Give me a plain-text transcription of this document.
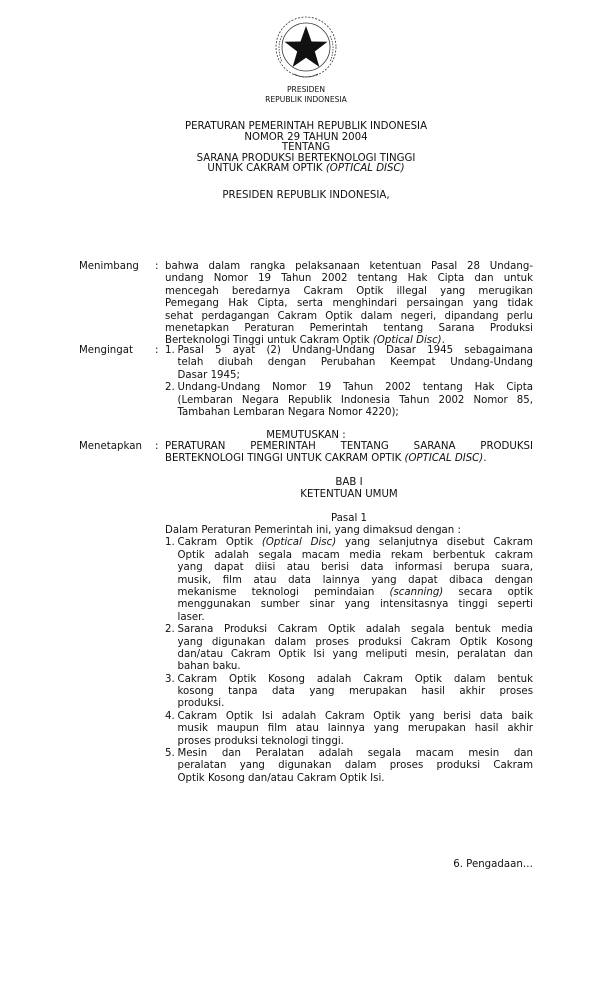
PRESIDEN
REPUBLIK INDONESIA
PERATURAN PEMERINTAH REPUBLIK INDONESIA
NOMOR 29 TAHUN 2004
TENTANG
SARANA PRODUKSI BERTEKNOLOGI TINGGI
UNTUK CAKRAM OPTIK (OPTICAL DISC)
PRESIDEN REPUBLIK INDONESIA,
Menimbang : bahwa dalam rangka pelaksanaan ketentuan Pasal 28 Undang-
undang Nomor 19 Tahun 2002 tentang Hak Cipta dan untuk
mencegah beredarnya Cakram Optik illegal yang merugikan
Pemegang Hak Cipta, serta menghindari persaingan yang tidak
sehat perdagangan Cakram Optik dalam negeri, dipandang perlu
menetapkan Peraturan Pemerintah tentang Sarana Produksi
Berteknologi Tinggi untuk Cakram Optik (Optical Disc).
Mengingat : 1. Pasal 5 ayat (2) Undang-Undang Dasar 1945 sebagaimana
telah diubah dengan Perubahan Keempat Undang-Undang
Dasar 1945;
2. Undang-Undang Nomor 19 Tahun 2002 tentang Hak Cipta
(Lembaran Negara Republik Indonesia Tahun 2002 Nomor 85,
Tambahan Lembaran Negara Nomor 4220);
MEMUTUSKAN :
Menetapkan : PERATURAN PEMERINTAH TENTANG SARANA PRODUKSI
BERTEKNOLOGI TINGGI UNTUK CAKRAM OPTIK (OPTICAL DISC).
BAB I
KETENTUAN UMUM
Pasal 1
Dalam Peraturan Pemerintah ini, yang dimaksud dengan :
1. Cakram Optik (Optical Disc) yang selanjutnya disebut Cakram
Optik adalah segala macam media rekam berbentuk cakram
yang dapat diisi atau berisi data informasi berupa suara,
musik, film atau data lainnya yang dapat dibaca dengan
mekanisme teknologi pemindaian (scanning) secara optik
menggunakan sumber sinar yang intensitasnya tinggi seperti
laser.
2. Sarana Produksi Cakram Optik adalah segala bentuk media
yang digunakan dalam proses produksi Cakram Optik Kosong
dan/atau Cakram Optik Isi yang meliputi mesin, peralatan dan
bahan baku.
3. Cakram Optik Kosong adalah Cakram Optik dalam bentuk
kosong tanpa data yang merupakan hasil akhir proses
produksi.
4. Cakram Optik Isi adalah Cakram Optik yang berisi data baik
musik maupun film atau lainnya yang merupakan hasil akhir
proses produksi teknologi tinggi.
5. Mesin dan Peralatan adalah segala macam mesin dan
peralatan yang digunakan dalam proses produksi Cakram
Optik Kosong dan/atau Cakram Optik Isi.
6. Pengadaan…
